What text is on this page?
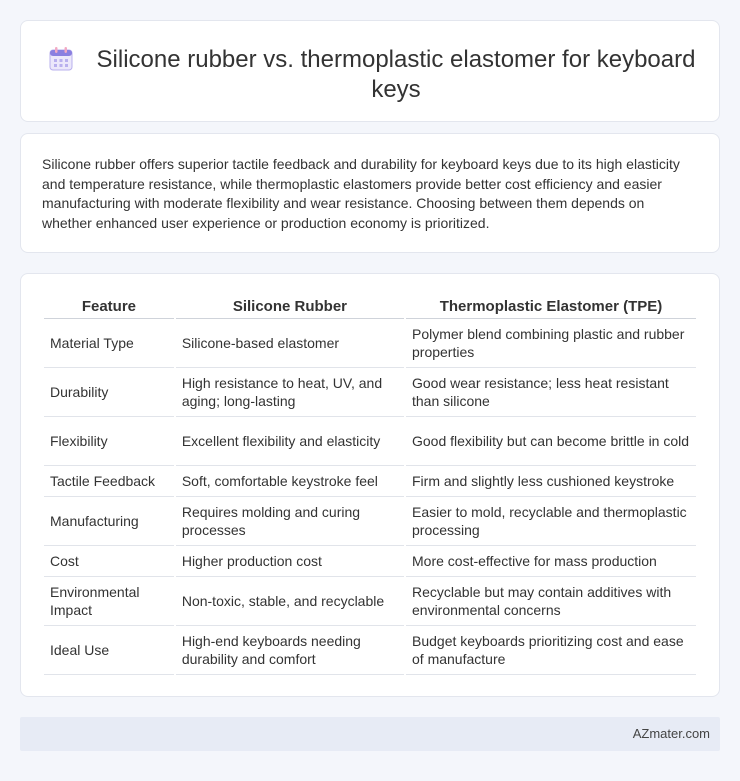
Silicone rubber vs. thermoplastic elastomer for keyboard keys

Silicone rubber offers superior tactile feedback and durability for keyboard keys due to its high elasticity and temperature resistance, while thermoplastic elastomers provide better cost efficiency and easier manufacturing with moderate flexibility and wear resistance. Choosing between them depends on whether enhanced user experience or production economy is prioritized.

Feature	Silicone Rubber	Thermoplastic Elastomer (TPE)
Material Type	Silicone-based elastomer	Polymer blend combining plastic and rubber properties
Durability	High resistance to heat, UV, and aging; long-lasting	Good wear resistance; less heat resistant than silicone
Flexibility	Excellent flexibility and elasticity	Good flexibility but can become brittle in cold
Tactile Feedback	Soft, comfortable keystroke feel	Firm and slightly less cushioned keystroke
Manufacturing	Requires molding and curing processes	Easier to mold, recyclable and thermoplastic processing
Cost	Higher production cost	More cost-effective for mass production
Environmental Impact	Non-toxic, stable, and recyclable	Recyclable but may contain additives with environmental concerns
Ideal Use	High-end keyboards needing durability and comfort	Budget keyboards prioritizing cost and ease of manufacture
AZmater.com
